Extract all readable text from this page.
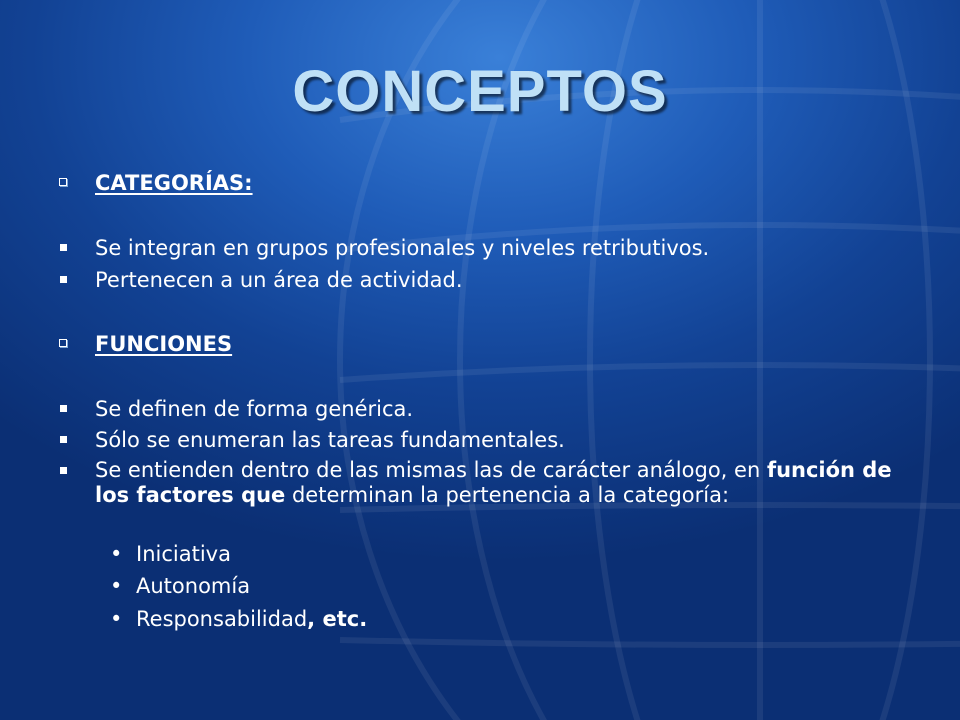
CONCEPTOS
CATEGORÍAS:
Se integran en grupos profesionales y niveles retributivos.
Pertenecen a un área de actividad.
FUNCIONES
Se definen de forma genérica.
Sólo se enumeran las tareas fundamentales.
Se entienden dentro de las mismas las de carácter análogo, en función de los factores que determinan la pertenencia a la categoría:
• Iniciativa
• Autonomía
• Responsabilidad, etc.
